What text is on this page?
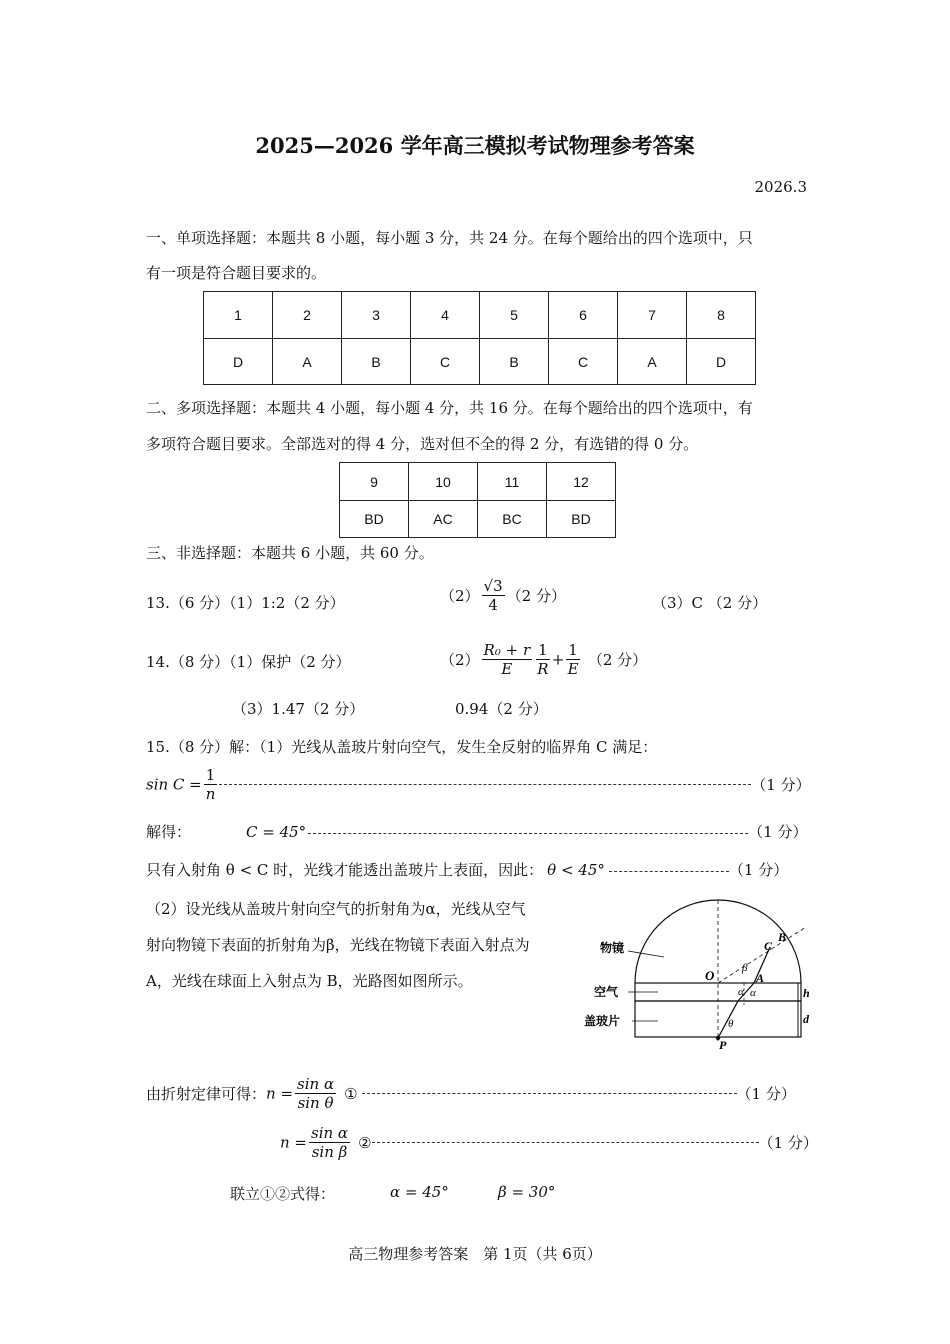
2025—2026 学年高三模拟考试物理参考答案
2026.3
一、单项选择题：本题共 8 小题，每小题 3 分，共 24 分。在每个题给出的四个选项中，只
有一项是符合题目要求的。
1	2	3	4	5	6	7	8
D	A	B	C	B	C	A	D
二、多项选择题：本题共 4 小题，每小题 4 分，共 16 分。在每个题给出的四个选项中，有
多项符合题目要求。全部选对的得 4 分，选对但不全的得 2 分，有选错的得 0 分。
9	10	11	12
BD	AC	BC	BD
三、非选择题：本题共 6 小题，共 60 分。
13.（6 分）（1）1:2（2 分）	$(2) \frac{√3}{4} (2$ 分）	（3）C （2 分）
14.（8 分）（1）保护（2 分）	$(2) \frac{\text{R₀ + r}}{E} \frac{1}{R} + \frac{1}{E} (2$ 分）
（3）1.47（2 分）	0.94（2 分）
15.（8 分）解：（1）光线从盖玻片射向空气，发生全反射的临界角 C 满足：
$\sin C = \frac{1}{n}$	（1 分）
解得：	C = 45°	（1 分）
只有入射角 θ < C 时，光线才能透出盖玻片上表面，因此： θ < 45°	（1 分）
（2）设光线从盖玻片射向空气的折射角为α，光线从空气
射向物镜下表面的折射角为β，光线在物镜下表面入射点为
A，光线在球面上入射点为 B，光路图如图所示。
物镜
空气
盖玻片
O
B
C
A
P
h
d
β
α α
θ
由折射定律可得：$n = \frac{\text{sin α}}{\text{sin θ}}$ ①	（1 分）
$n = \frac{\text{sin α}}{\text{sin β}}$ ②	（1 分）
联立①②式得：	α = 45°	β = 30°
高三物理参考答案　第 1页（共 6页）
